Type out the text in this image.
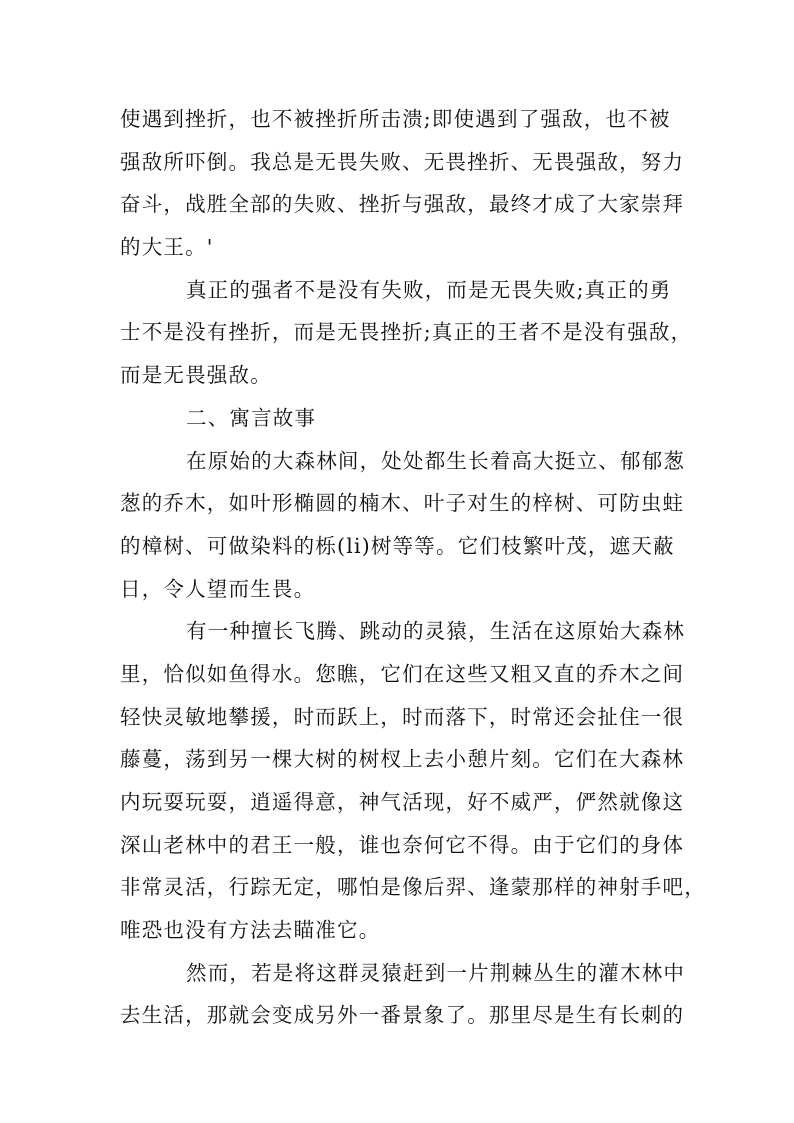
使遇到挫折，也不被挫折所击溃;即使遇到了强敌，也不被
强敌所吓倒。我总是无畏失败、无畏挫折、无畏强敌，努力
奋斗，战胜全部的失败、挫折与强敌，最终才成了大家崇拜
的大王。'
真正的强者不是没有失败，而是无畏失败;真正的勇
士不是没有挫折，而是无畏挫折;真正的王者不是没有强敌，
而是无畏强敌。
二、寓言故事
在原始的大森林间，处处都生长着高大挺立、郁郁葱
葱的乔木，如叶形椭圆的楠木、叶子对生的梓树、可防虫蛀
的樟树、可做染料的栎(li)树等等。它们枝繁叶茂，遮天蔽
日，令人望而生畏。
有一种擅长飞腾、跳动的灵猿，生活在这原始大森林
里，恰似如鱼得水。您瞧，它们在这些又粗又直的乔木之间
轻快灵敏地攀援，时而跃上，时而落下，时常还会扯住一很
藤蔓，荡到另一棵大树的树杈上去小憩片刻。它们在大森林
内玩耍玩耍，逍遥得意，神气活现，好不威严，俨然就像这
深山老林中的君王一般，谁也奈何它不得。由于它们的身体
非常灵活，行踪无定，哪怕是像后羿、逢蒙那样的神射手吧，
唯恐也没有方法去瞄准它。
然而，若是将这群灵猿赶到一片荆棘丛生的灌木林中
去生活，那就会变成另外一番景象了。那里尽是生有长刺的
